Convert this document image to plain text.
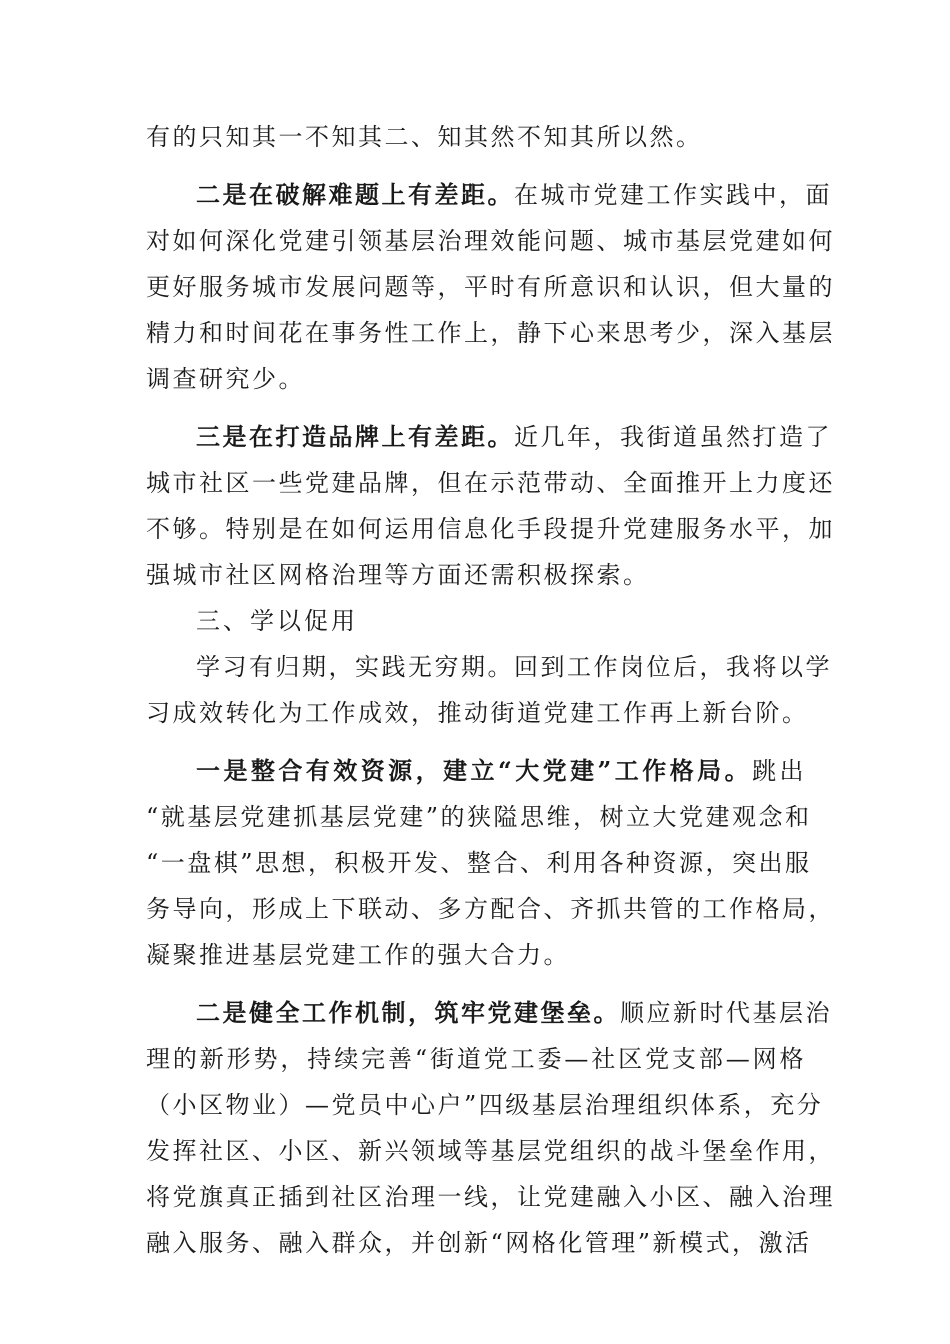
有的只知其一不知其二、知其然不知其所以然。
二是在破解难题上有差距。在城市党建工作实践中，面
对如何深化党建引领基层治理效能问题、城市基层党建如何
更好服务城市发展问题等，平时有所意识和认识，但大量的
精力和时间花在事务性工作上，静下心来思考少，深入基层
调查研究少。
三是在打造品牌上有差距。近几年，我街道虽然打造了
城市社区一些党建品牌，但在示范带动、全面推开上力度还
不够。特别是在如何运用信息化手段提升党建服务水平，加
强城市社区网格治理等方面还需积极探索。
三、学以促用
学习有归期，实践无穷期。回到工作岗位后，我将以学
习成效转化为工作成效，推动街道党建工作再上新台阶。
一是整合有效资源，建立“大党建”工作格局。跳出
“就基层党建抓基层党建”的狭隘思维，树立大党建观念和
“一盘棋”思想，积极开发、整合、利用各种资源，突出服
务导向，形成上下联动、多方配合、齐抓共管的工作格局，
凝聚推进基层党建工作的强大合力。
二是健全工作机制，筑牢党建堡垒。顺应新时代基层治
理的新形势，持续完善“街道党工委—社区党支部—网格
（小区物业）—党员中心户”四级基层治理组织体系，充分
发挥社区、小区、新兴领域等基层党组织的战斗堡垒作用，
将党旗真正插到社区治理一线，让党建融入小区、融入治理
融入服务、融入群众，并创新“网格化管理”新模式，激活
